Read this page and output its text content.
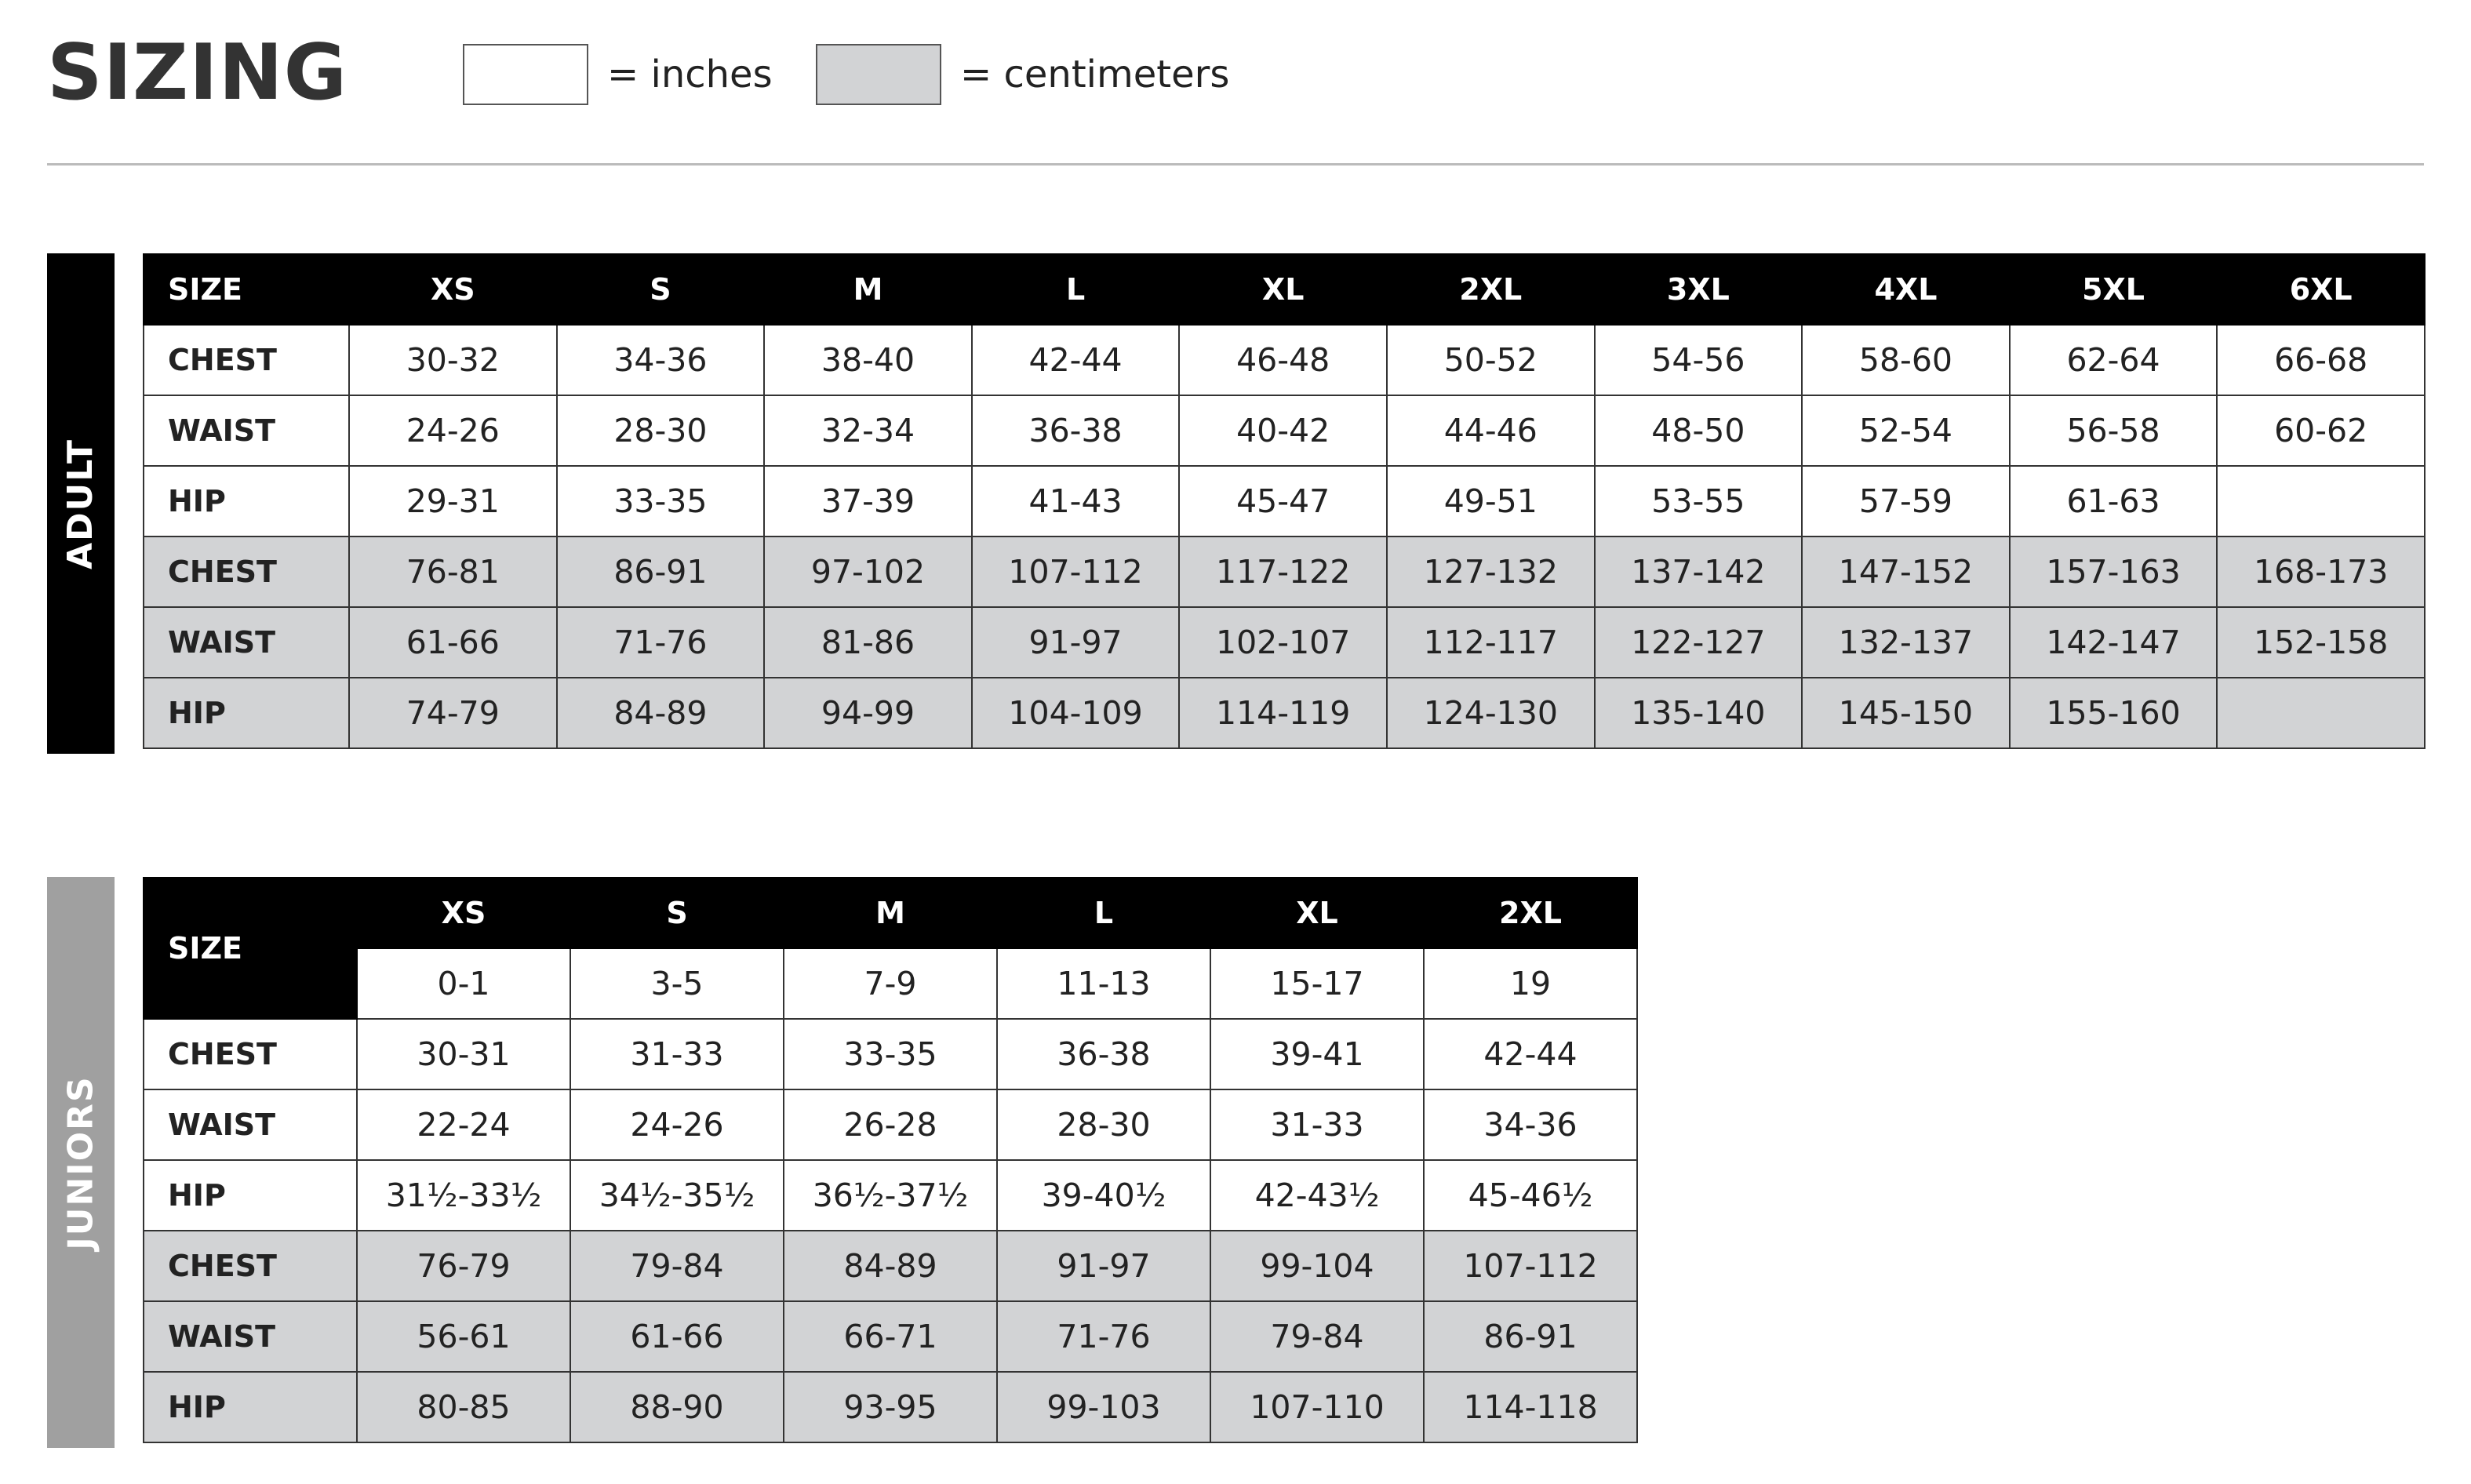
SIZING	= inches	= centimeters
ADULT
SIZE	XS	S	M	L	XL	2XL	3XL	4XL	5XL	6XL
CHEST	30-32	34-36	38-40	42-44	46-48	50-52	54-56	58-60	62-64	66-68
WAIST	24-26	28-30	32-34	36-38	40-42	44-46	48-50	52-54	56-58	60-62
HIP	29-31	33-35	37-39	41-43	45-47	49-51	53-55	57-59	61-63	
CHEST	76-81	86-91	97-102	107-112	117-122	127-132	137-142	147-152	157-163	168-173
WAIST	61-66	71-76	81-86	91-97	102-107	112-117	122-127	132-137	142-147	152-158
HIP	74-79	84-89	94-99	104-109	114-119	124-130	135-140	145-150	155-160	
JUNIORS
SIZE	XS	S	M	L	XL	2XL
	0-1	3-5	7-9	11-13	15-17	19
CHEST	30-31	31-33	33-35	36-38	39-41	42-44
WAIST	22-24	24-26	26-28	28-30	31-33	34-36
HIP	31½-33½	34½-35½	36½-37½	39-40½	42-43½	45-46½
CHEST	76-79	79-84	84-89	91-97	99-104	107-112
WAIST	56-61	61-66	66-71	71-76	79-84	86-91
HIP	80-85	88-90	93-95	99-103	107-110	114-118
